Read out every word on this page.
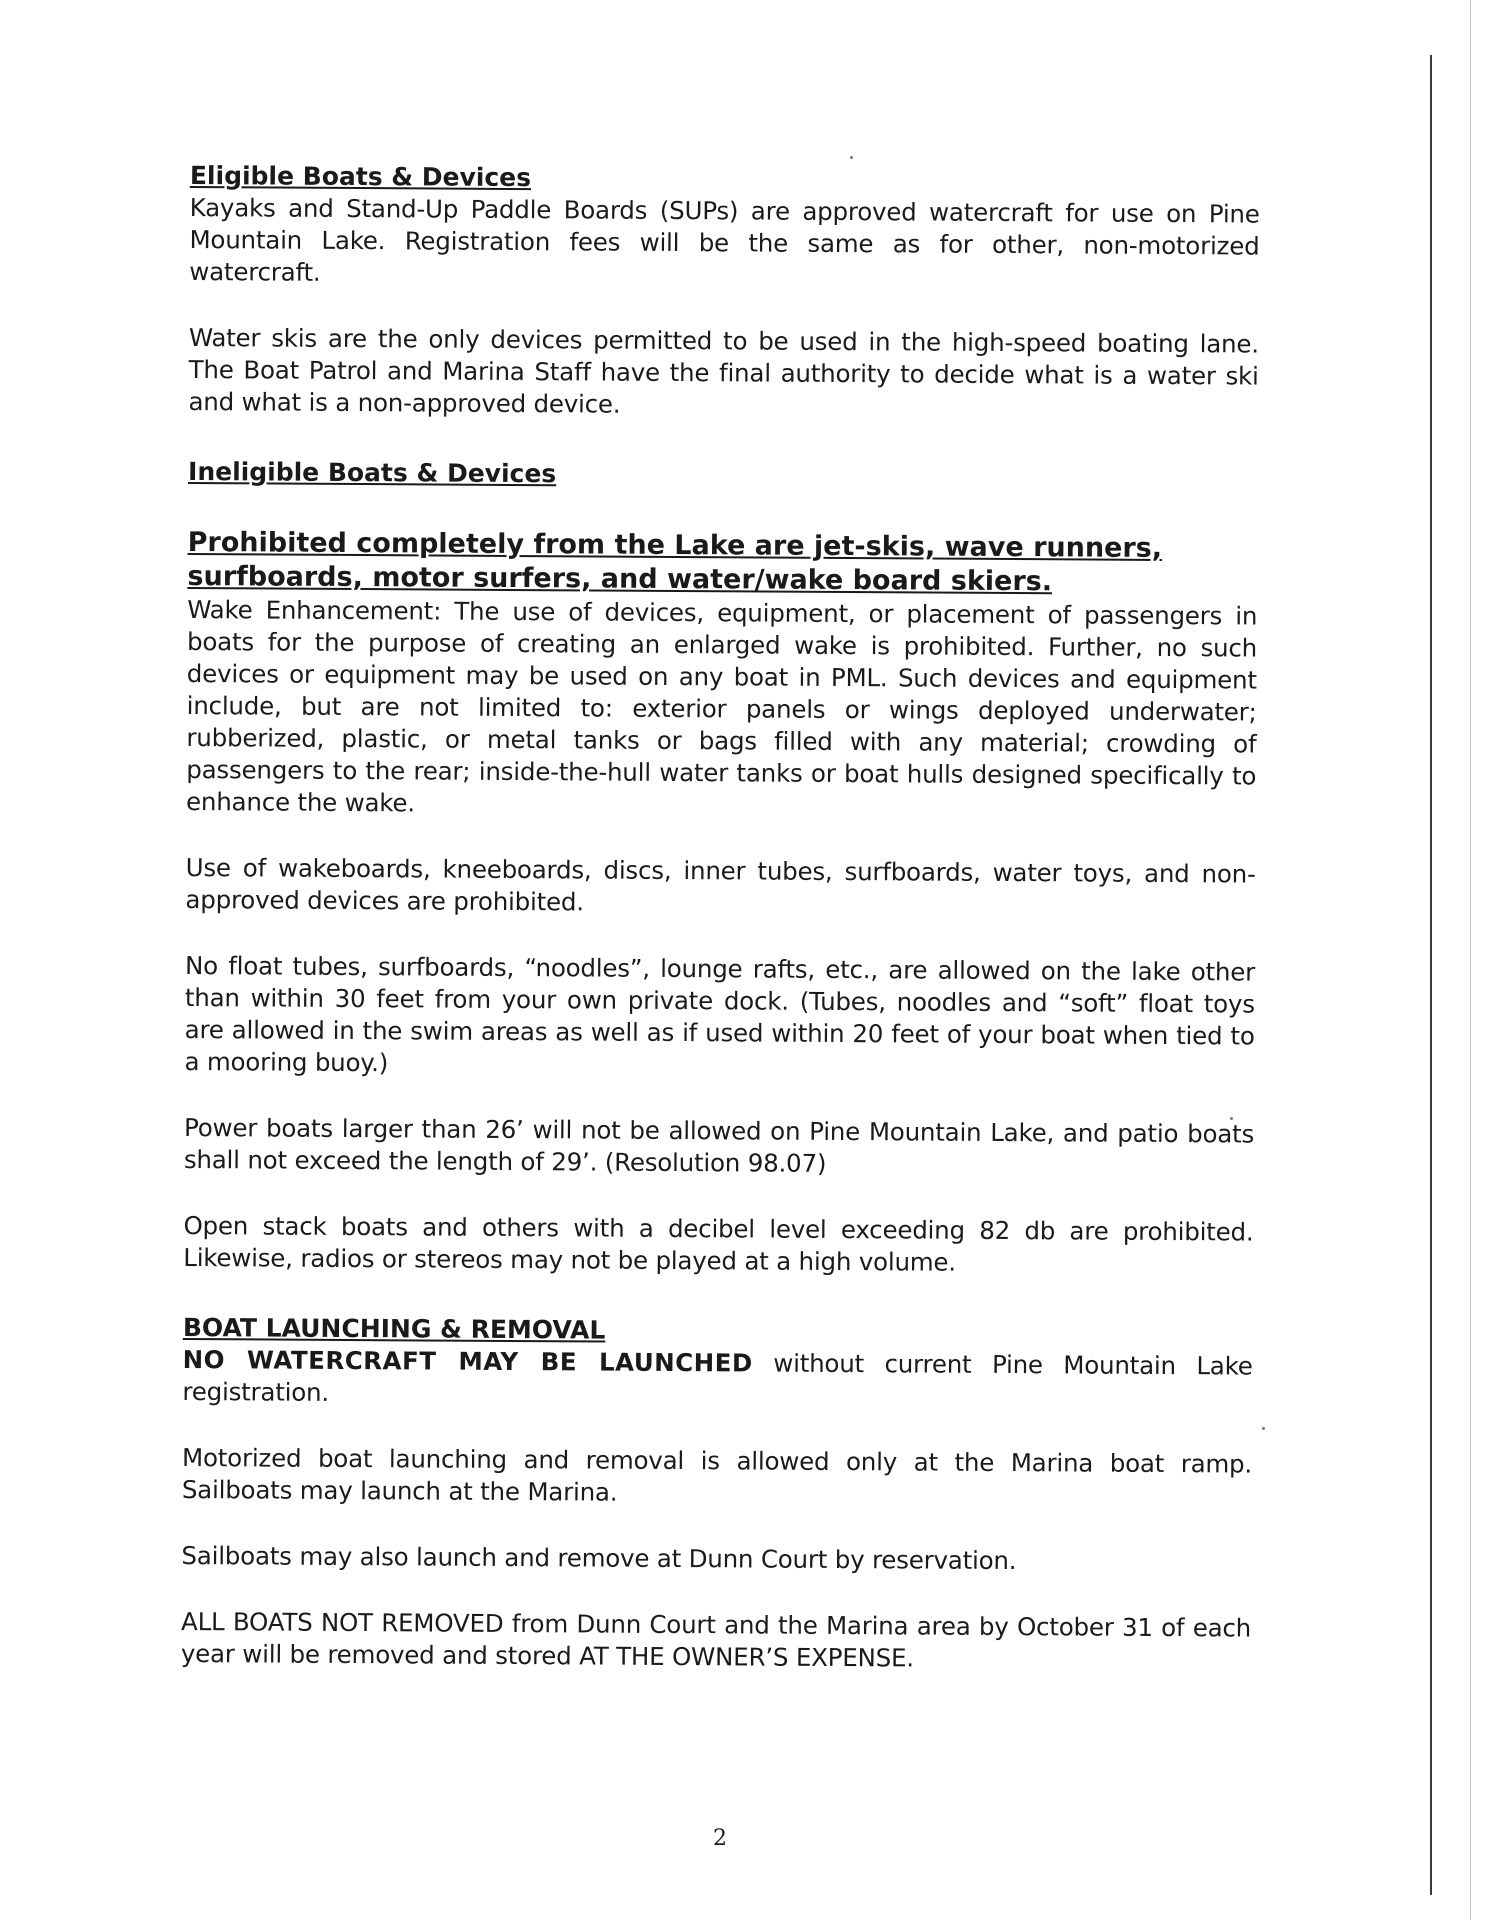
Eligible Boats & Devices

Kayaks and Stand-Up Paddle Boards (SUPs) are approved watercraft for use on Pine Mountain Lake. Registration fees will be the same as for other, non-motorized watercraft.

Water skis are the only devices permitted to be used in the high-speed boating lane. The Boat Patrol and Marina Staff have the final authority to decide what is a water ski and what is a non-approved device.

Ineligible Boats & Devices
Prohibited completely from the Lake are jet-skis, wave runners, surfboards, motor surfers, and water/wake board skiers.

Wake Enhancement: The use of devices, equipment, or placement of passengers in boats for the purpose of creating an enlarged wake is prohibited. Further, no such devices or equipment may be used on any boat in PML. Such devices and equipment include, but are not limited to: exterior panels or wings deployed underwater; rubberized, plastic, or metal tanks or bags filled with any material; crowding of passengers to the rear; inside-the-hull water tanks or boat hulls designed specifically to enhance the wake.

Use of wakeboards, kneeboards, discs, inner tubes, surfboards, water toys, and non-approved devices are prohibited.

No float tubes, surfboards, “noodles”, lounge rafts, etc., are allowed on the lake other than within 30 feet from your own private dock. (Tubes, noodles and “soft” float toys are allowed in the swim areas as well as if used within 20 feet of your boat when tied to a mooring buoy.)

Power boats larger than 26’ will not be allowed on Pine Mountain Lake, and patio boats shall not exceed the length of 29’. (Resolution 98.07)

Open stack boats and others with a decibel level exceeding 82 db are prohibited. Likewise, radios or stereos may not be played at a high volume.

BOAT LAUNCHING & REMOVAL

NO WATERCRAFT MAY BE LAUNCHED without current Pine Mountain Lake registration.

Motorized boat launching and removal is allowed only at the Marina boat ramp. Sailboats may launch at the Marina.

Sailboats may also launch and remove at Dunn Court by reservation.

ALL BOATS NOT REMOVED from Dunn Court and the Marina area by October 31 of each year will be removed and stored AT THE OWNER’S EXPENSE.

2
